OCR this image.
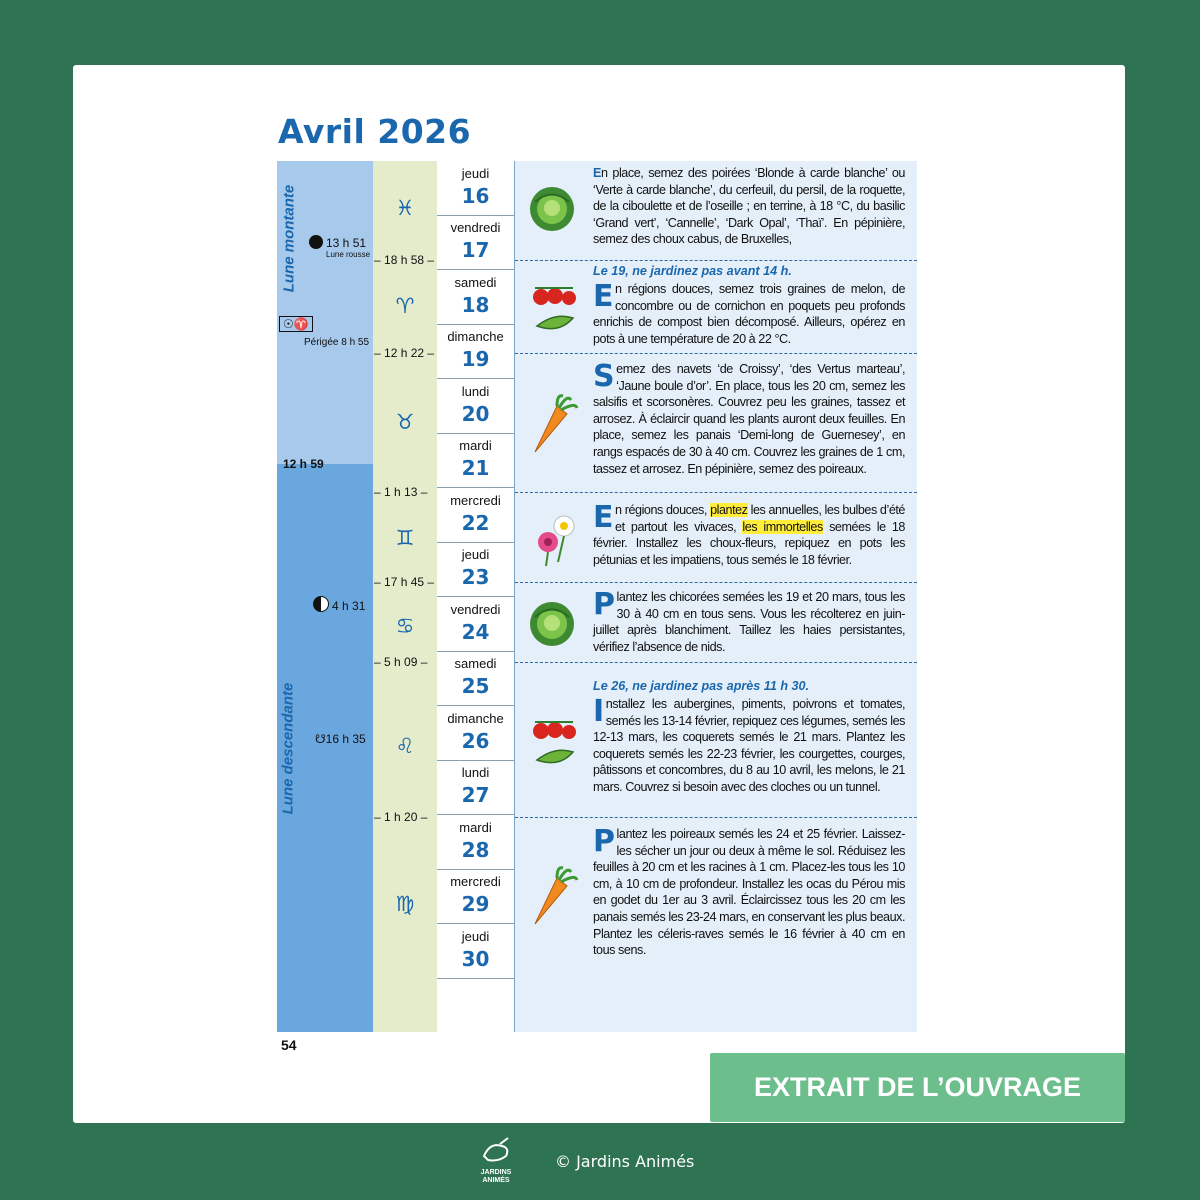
Avril 2026
Lune montante
Lune descendante
12 h 59
13 h 51
Lune rousse
☉♈
Périgée 8 h 55
4 h 31
☋16 h 35
– 18 h 58 –
– 12 h 22 –
– 1 h 13 –
– 17 h 45 –
– 5 h 09 –
– 1 h 20 –
♓
♈
♉
♊
♋
♌
♍
jeudi
16
vendredi
17
samedi
18
dimanche
19
lundi
20
mardi
21
mercredi
22
jeudi
23
vendredi
24
samedi
25
dimanche
26
lundi
27
mardi
28
mercredi
29
jeudi
30
En place, semez des poirées ‘Blonde à carde blanche’ ou ‘Verte à carde blanche’, du cerfeuil, du persil, de la roquette, de la ciboulette et de l’oseille ; en terrine, à 18 °C, du basilic ‘Grand vert’, ‘Cannelle’, ‘Dark Opal’, ‘Thaï’. En pépinière, semez des choux cabus, de Bruxelles,
Le 19, ne jardinez pas avant 14 h.
En régions douces, semez trois graines de melon, de concombre ou de cornichon en poquets peu profonds enrichis de compost bien décomposé. Ailleurs, opérez en pots à une température de 20 à 22 °C.
Semez des navets ‘de Croissy’, ‘des Vertus marteau’, ‘Jaune boule d’or’. En place, tous les 20 cm, semez les salsifis et scorsonères. Couvrez peu les graines, tassez et arrosez. À éclaircir quand les plants auront deux feuilles. En place, semez les panais ‘Demi-long de Guernesey’, en rangs espacés de 30 à 40 cm. Couvrez les graines de 1 cm, tassez et arrosez. En pépinière, semez des poireaux.
En régions douces, plantez les annuelles, les bulbes d’été et partout les vivaces, les immortelles semées le 18 février. Installez les choux-fleurs, repiquez en pots les pétunias et les impatiens, tous semés le 18 février.
Plantez les chicorées semées les 19 et 20 mars, tous les 30 à 40 cm en tous sens. Vous les récolterez en juin-juillet après blanchiment. Taillez les haies persistantes, vérifiez l’absence de nids.
Le 26, ne jardinez pas après 11 h 30.
Installez les aubergines, piments, poivrons et tomates, semés les 13-14 février, repiquez ces légumes, semés les 12-13 mars, les coquerets semés le 21 mars. Plantez les coquerets semés les 22-23 février, les courgettes, courges, pâtissons et concombres, du 8 au 10 avril, les melons, le 21 mars. Couvrez si besoin avec des cloches ou un tunnel.
Plantez les poireaux semés les 24 et 25 février. Laissez-les sécher un jour ou deux à même le sol. Réduisez les feuilles à 20 cm et les racines à 1 cm. Placez-les tous les 10 cm, à 10 cm de profondeur. Installez les ocas du Pérou mis en godet du 1er au 3 avril. Éclaircissez tous les 20 cm les panais semés les 23-24 mars, en conservant les plus beaux. Plantez les céleris-raves semés le 16 février à 40 cm en tous sens.
54
EXTRAIT DE L’OUVRAGE
JARDINS
ANIMÉS
© Jardins Animés
